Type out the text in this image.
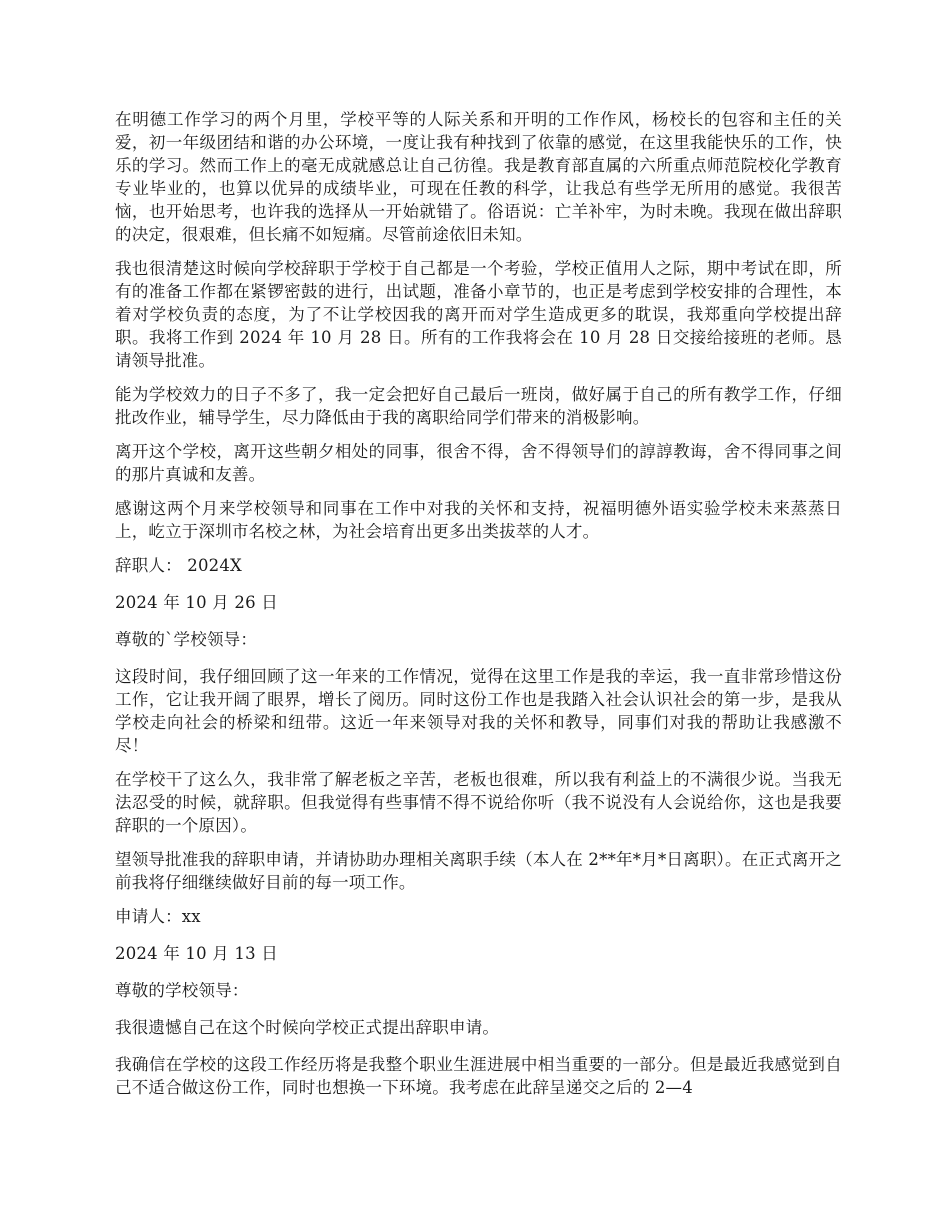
在明德工作学习的两个月里，学校平等的人际关系和开明的工作作风，杨校长的包容和主任的关爱，初一年级团结和谐的办公环境，一度让我有种找到了依靠的感觉，在这里我能快乐的工作，快乐的学习。然而工作上的毫无成就感总让自己彷徨。我是教育部直属的六所重点师范院校化学教育专业毕业的，也算以优异的成绩毕业，可现在任教的科学，让我总有些学无所用的感觉。我很苦恼，也开始思考，也许我的选择从一开始就错了。俗语说：亡羊补牢，为时未晚。我现在做出辞职的决定，很艰难，但长痛不如短痛。尽管前途依旧未知。

我也很清楚这时候向学校辞职于学校于自己都是一个考验，学校正值用人之际，期中考试在即，所有的准备工作都在紧锣密鼓的进行，出试题，准备小章节的，也正是考虑到学校安排的合理性，本着对学校负责的态度，为了不让学校因我的离开而对学生造成更多的耽误，我郑重向学校提出辞职。我将工作到 2024 年 10 月 28 日。所有的工作我将会在 10 月 28 日交接给接班的老师。恳请领导批准。

能为学校效力的日子不多了，我一定会把好自己最后一班岗，做好属于自己的所有教学工作，仔细批改作业，辅导学生，尽力降低由于我的离职给同学们带来的消极影响。

离开这个学校，离开这些朝夕相处的同事，很舍不得，舍不得领导们的諄諄教诲，舍不得同事之间的那片真诚和友善。

感谢这两个月来学校领导和同事在工作中对我的关怀和支持，祝福明德外语实验学校未来蒸蒸日上，屹立于深圳市名校之林，为社会培育出更多出类拔萃的人才。

辞职人： 2024X

2024 年 10 月 26 日

尊敬的`学校领导：

这段时间，我仔细回顾了这一年来的工作情况，觉得在这里工作是我的幸运，我一直非常珍惜这份工作，它让我开阔了眼界，增长了阅历。同时这份工作也是我踏入社会认识社会的第一步，是我从学校走向社会的桥梁和纽带。这近一年来领导对我的关怀和教导，同事们对我的帮助让我感激不尽！

在学校干了这么久，我非常了解老板之辛苦，老板也很难，所以我有利益上的不满很少说。当我无法忍受的时候，就辞职。但我觉得有些事情不得不说给你听（我不说没有人会说给你，这也是我要辞职的一个原因）。

望领导批准我的辞职申请，并请协助办理相关离职手续（本人在 2**年*月*日离职）。在正式离开之前我将仔细继续做好目前的每一项工作。

申请人：xx

2024 年 10 月 13 日

尊敬的学校领导：

我很遗憾自己在这个时候向学校正式提出辞职申请。

我确信在学校的这段工作经历将是我整个职业生涯进展中相当重要的一部分。但是最近我感觉到自己不适合做这份工作，同时也想换一下环境。我考虑在此辞呈递交之后的 2—4
